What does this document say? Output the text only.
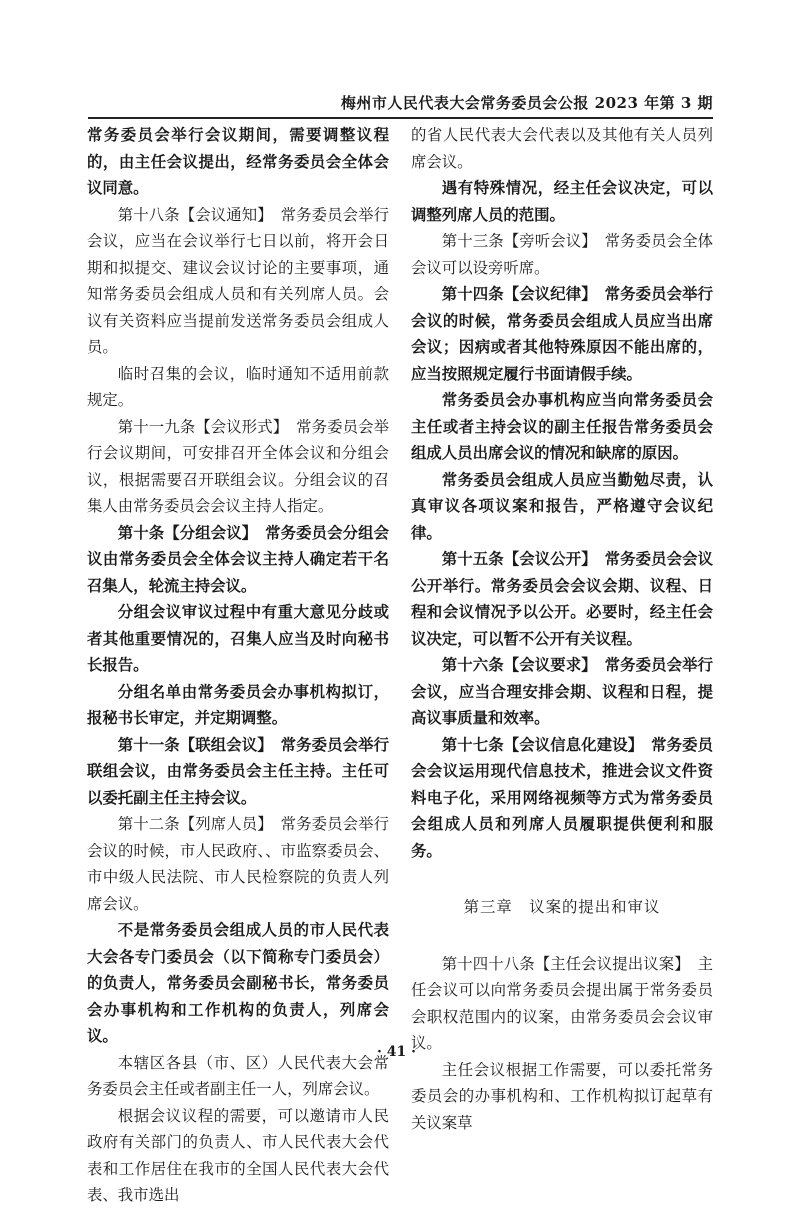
梅州市人民代表大会常务委员会公报 2023 年第 3 期

常务委员会举行会议期间，需要调整议程的，由主任会议提出，经常务委员会全体会议同意。

第十八条【会议通知】　常务委员会举行会议，应当在会议举行七日以前，将开会日期和拟提交、建议会议讨论的主要事项，通知常务委员会组成人员和有关列席人员。会议有关资料应当提前发送常务委员会组成人员。

临时召集的会议，临时通知不适用前款规定。

第十一九条【会议形式】　常务委员会举行会议期间，可安排召开全体会议和分组会议，根据需要召开联组会议。分组会议的召集人由常务委员会会议主持人指定。

第十条【分组会议】　常务委员会分组会议由常务委员会全体会议主持人确定若干名召集人，轮流主持会议。

分组会议审议过程中有重大意见分歧或者其他重要情况的，召集人应当及时向秘书长报告。

分组名单由常务委员会办事机构拟订，报秘书长审定，并定期调整。

第十一条【联组会议】　常务委员会举行联组会议，由常务委员会主任主持。主任可以委托副主任主持会议。

第十二条【列席人员】　常务委员会举行会议的时候，市人民政府、、市监察委员会、市中级人民法院、市人民检察院的负责人列席会议。

不是常务委员会组成人员的市人民代表大会各专门委员会（以下简称专门委员会）的负责人，常务委员会副秘书长，常务委员会办事机构和工作机构的负责人，列席会议。

本辖区各县（市、区）人民代表大会常务委员会主任或者副主任一人，列席会议。

根据会议议程的需要，可以邀请市人民政府有关部门的负责人、市人民代表大会代表和工作居住在我市的全国人民代表大会代表、我市选出

的省人民代表大会代表以及其他有关人员列席会议。

遇有特殊情况，经主任会议决定，可以调整列席人员的范围。

第十三条【旁听会议】　常务委员会全体会议可以设旁听席。

第十四条【会议纪律】　常务委员会举行会议的时候，常务委员会组成人员应当出席会议；因病或者其他特殊原因不能出席的，应当按照规定履行书面请假手续。

常务委员会办事机构应当向常务委员会主任或者主持会议的副主任报告常务委员会组成人员出席会议的情况和缺席的原因。

常务委员会组成人员应当勤勉尽责，认真审议各项议案和报告，严格遵守会议纪律。

第十五条【会议公开】　常务委员会会议公开举行。常务委员会会议会期、议程、日程和会议情况予以公开。必要时，经主任会议决定，可以暂不公开有关议程。

第十六条【会议要求】　常务委员会举行会议，应当合理安排会期、议程和日程，提高议事质量和效率。

第十七条【会议信息化建设】　常务委员会会议运用现代信息技术，推进会议文件资料电子化，采用网络视频等方式为常务委员会组成人员和列席人员履职提供便利和服务。

第三章　议案的提出和审议

第十四十八条【主任会议提出议案】　主任会议可以向常务委员会提出属于常务委员会职权范围内的议案，由常务委员会会议审议。

主任会议根据工作需要，可以委托常务委员会的办事机构和、工作机构拟订起草有关议案草

· 41 ·
